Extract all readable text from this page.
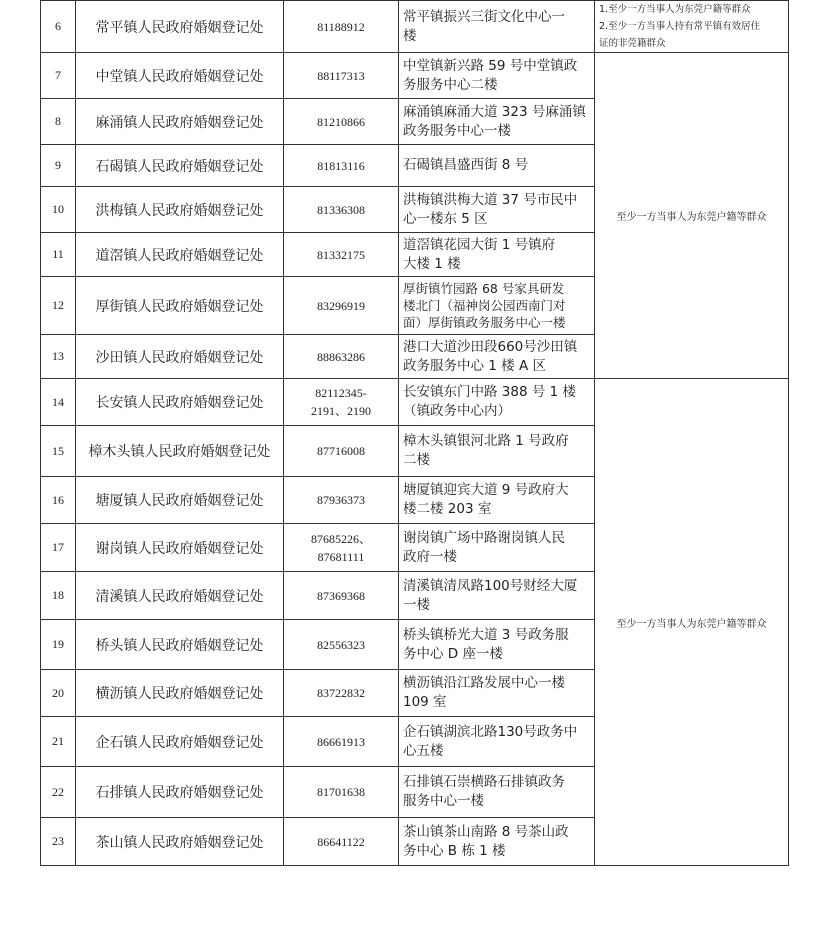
6	常平镇人民政府婚姻登记处	81188912	常平镇振兴三街文化中心一
楼	1.至少一方当事人为东莞户籍等群众
2.至少一方当事人持有常平镇有效居住
证的非莞籍群众

7	中堂镇人民政府婚姻登记处	88117313	中堂镇新兴路 59 号中堂镇政
务服务中心二楼	至少一方当事人为东莞户籍等群众
8	麻涌镇人民政府婚姻登记处	81210866	麻涌镇麻涌大道 323 号麻涌镇
政务服务中心一楼	

9	石碣镇人民政府婚姻登记处	81813116	石碣镇昌盛西街 8 号	

10	洪梅镇人民政府婚姻登记处	81336308	洪梅镇洪梅大道 37 号市民中
心一楼东 5 区	

11	道滘镇人民政府婚姻登记处	81332175	道滘镇花园大街 1 号镇府
大楼 1 楼	

12	厚街镇人民政府婚姻登记处	83296919	厚街镇竹园路 68 号家具研发
楼北门（福神岗公园西南门对
面）厚街镇政务服务中心一楼	

13	沙田镇人民政府婚姻登记处	88863286	港口大道沙田段660号沙田镇
政务服务中心 1 楼 A 区	

14	长安镇人民政府婚姻登记处	82112345-
2191、2190	长安镇东门中路 388 号 1 楼
（镇政务中心内）	至少一方当事人为东莞户籍等群众
15	樟木头镇人民政府婚姻登记处	87716008	樟木头镇银河北路 1 号政府
二楼	

16	塘厦镇人民政府婚姻登记处	87936373	塘厦镇迎宾大道 9 号政府大
楼二楼 203 室	

17	谢岗镇人民政府婚姻登记处	87685226、
87681111	谢岗镇广场中路谢岗镇人民
政府一楼	

18	清溪镇人民政府婚姻登记处	87369368	清溪镇清凤路100号财经大厦
一楼	

19	桥头镇人民政府婚姻登记处	82556323	桥头镇桥光大道 3 号政务服
务中心 D 座一楼	

20	横沥镇人民政府婚姻登记处	83722832	横沥镇沿江路发展中心一楼
109 室	

21	企石镇人民政府婚姻登记处	86661913	企石镇湖滨北路130号政务中
心五楼	

22	石排镇人民政府婚姻登记处	81701638	石排镇石崇横路石排镇政务
服务中心一楼	

23	茶山镇人民政府婚姻登记处	86641122	茶山镇茶山南路 8 号茶山政
务中心 B 栋 1 楼	
